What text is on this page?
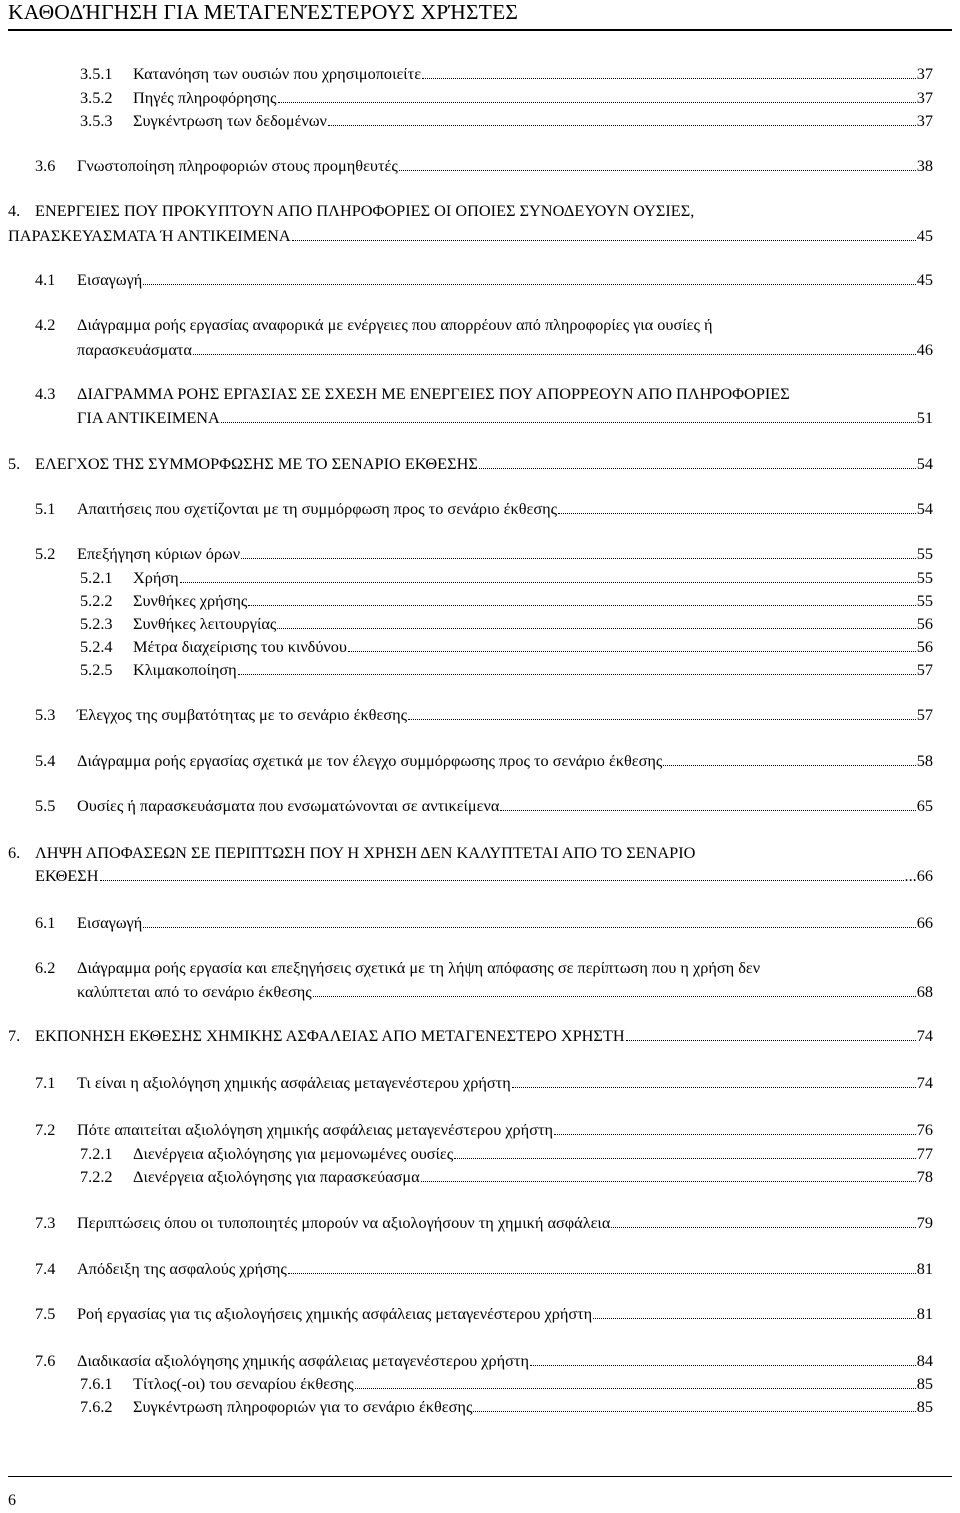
ΚΑΘΟΔΉΓΗΣΗ ΓΙΑ ΜΕΤΑΓΕΝΈΣΤΕΡΟΥΣ ΧΡΉΣΤΕΣ
3.5.1	Κατανόηση των ουσιών που χρησιμοποιείτε	37
3.5.2	Πηγές πληροφόρησης	37
3.5.3	Συγκέντρωση των δεδομένων	37
3.6	Γνωστοποίηση πληροφοριών στους προμηθευτές	38
4. ΕΝΕΡΓΕΙΕΣ ΠΟΥ ΠΡΟΚΥΠΤΟΥΝ ΑΠΟ ΠΛΗΡΟΦΟΡΙΕΣ ΟΙ ΟΠΟΙΕΣ ΣΥΝΟΔΕΥΟΥΝ ΟΥΣΙΕΣ,
ΠΑΡΑΣΚΕΥΑΣΜΑΤΑ Ή ΑΝΤΙΚΕΙΜΕΝΑ	45
4.1	Εισαγωγή	45
4.2	Διάγραμμα ροής εργασίας αναφορικά με ενέργειες που απορρέουν από πληροφορίες για ουσίες ή
παρασκευάσματα	46
4.3	ΔΙΑΓΡΑΜΜΑ ΡΟΗΣ ΕΡΓΑΣΙΑΣ ΣΕ ΣΧΕΣΗ ΜΕ ΕΝΕΡΓΕΙΕΣ ΠΟΥ ΑΠΟΡΡΕΟΥΝ ΑΠΟ ΠΛΗΡΟΦΟΡΙΕΣ
ΓΙΑ ΑΝΤΙΚΕΙΜΕΝΑ	51
5. ΕΛΕΓΧΟΣ ΤΗΣ ΣΥΜΜΟΡΦΩΣΗΣ ΜΕ ΤΟ ΣΕΝΑΡΙΟ ΕΚΘΕΣΗΣ	54
5.1	Απαιτήσεις που σχετίζονται με τη συμμόρφωση προς το σενάριο έκθεσης	54
5.2	Επεξήγηση κύριων όρων	55
5.2.1	Χρήση	55
5.2.2	Συνθήκες χρήσης	55
5.2.3	Συνθήκες λειτουργίας	56
5.2.4	Μέτρα διαχείρισης του κινδύνου	56
5.2.5	Κλιμακοποίηση	57
5.3	Έλεγχος της συμβατότητας με το σενάριο έκθεσης	57
5.4	Διάγραμμα ροής εργασίας σχετικά με τον έλεγχο συμμόρφωσης προς το σενάριο έκθεσης	58
5.5	Ουσίες ή παρασκευάσματα που ενσωματώνονται σε αντικείμενα	65
6. ΛΗΨΗ ΑΠΟΦΑΣΕΩΝ ΣΕ ΠΕΡΙΠΤΩΣΗ ΠΟΥ Η ΧΡΗΣΗ ΔΕΝ ΚΑΛΥΠΤΕΤΑΙ ΑΠΟ ΤΟ ΣΕΝΑΡΙΟ
ΕΚΘΕΣΗ	...66
6.1	Εισαγωγή	66
6.2	Διάγραμμα ροής εργασία και επεξηγήσεις σχετικά με τη λήψη απόφασης σε περίπτωση που η χρήση δεν
καλύπτεται από το σενάριο έκθεσης	68
7. ΕΚΠΟΝΗΣΗ ΕΚΘΕΣΗΣ ΧΗΜΙΚΗΣ ΑΣΦΑΛΕΙΑΣ ΑΠΟ ΜΕΤΑΓΕΝΕΣΤΕΡΟ ΧΡΗΣΤΗ	74
7.1	Τι είναι η αξιολόγηση χημικής ασφάλειας μεταγενέστερου χρήστη	74
7.2	Πότε απαιτείται αξιολόγηση χημικής ασφάλειας μεταγενέστερου χρήστη	76
7.2.1	Διενέργεια αξιολόγησης για μεμονωμένες ουσίες	77
7.2.2	Διενέργεια αξιολόγησης για παρασκεύασμα	78
7.3	Περιπτώσεις όπου οι τυποποιητές μπορούν να αξιολογήσουν τη χημική ασφάλεια	79
7.4	Απόδειξη της ασφαλούς χρήσης	81
7.5	Ροή εργασίας για τις αξιολογήσεις χημικής ασφάλειας μεταγενέστερου χρήστη	81
7.6	Διαδικασία αξιολόγησης χημικής ασφάλειας μεταγενέστερου χρήστη	84
7.6.1	Τίτλος(-οι) του σεναρίου έκθεσης	85
7.6.2	Συγκέντρωση πληροφοριών για το σενάριο έκθεσης	85
6
